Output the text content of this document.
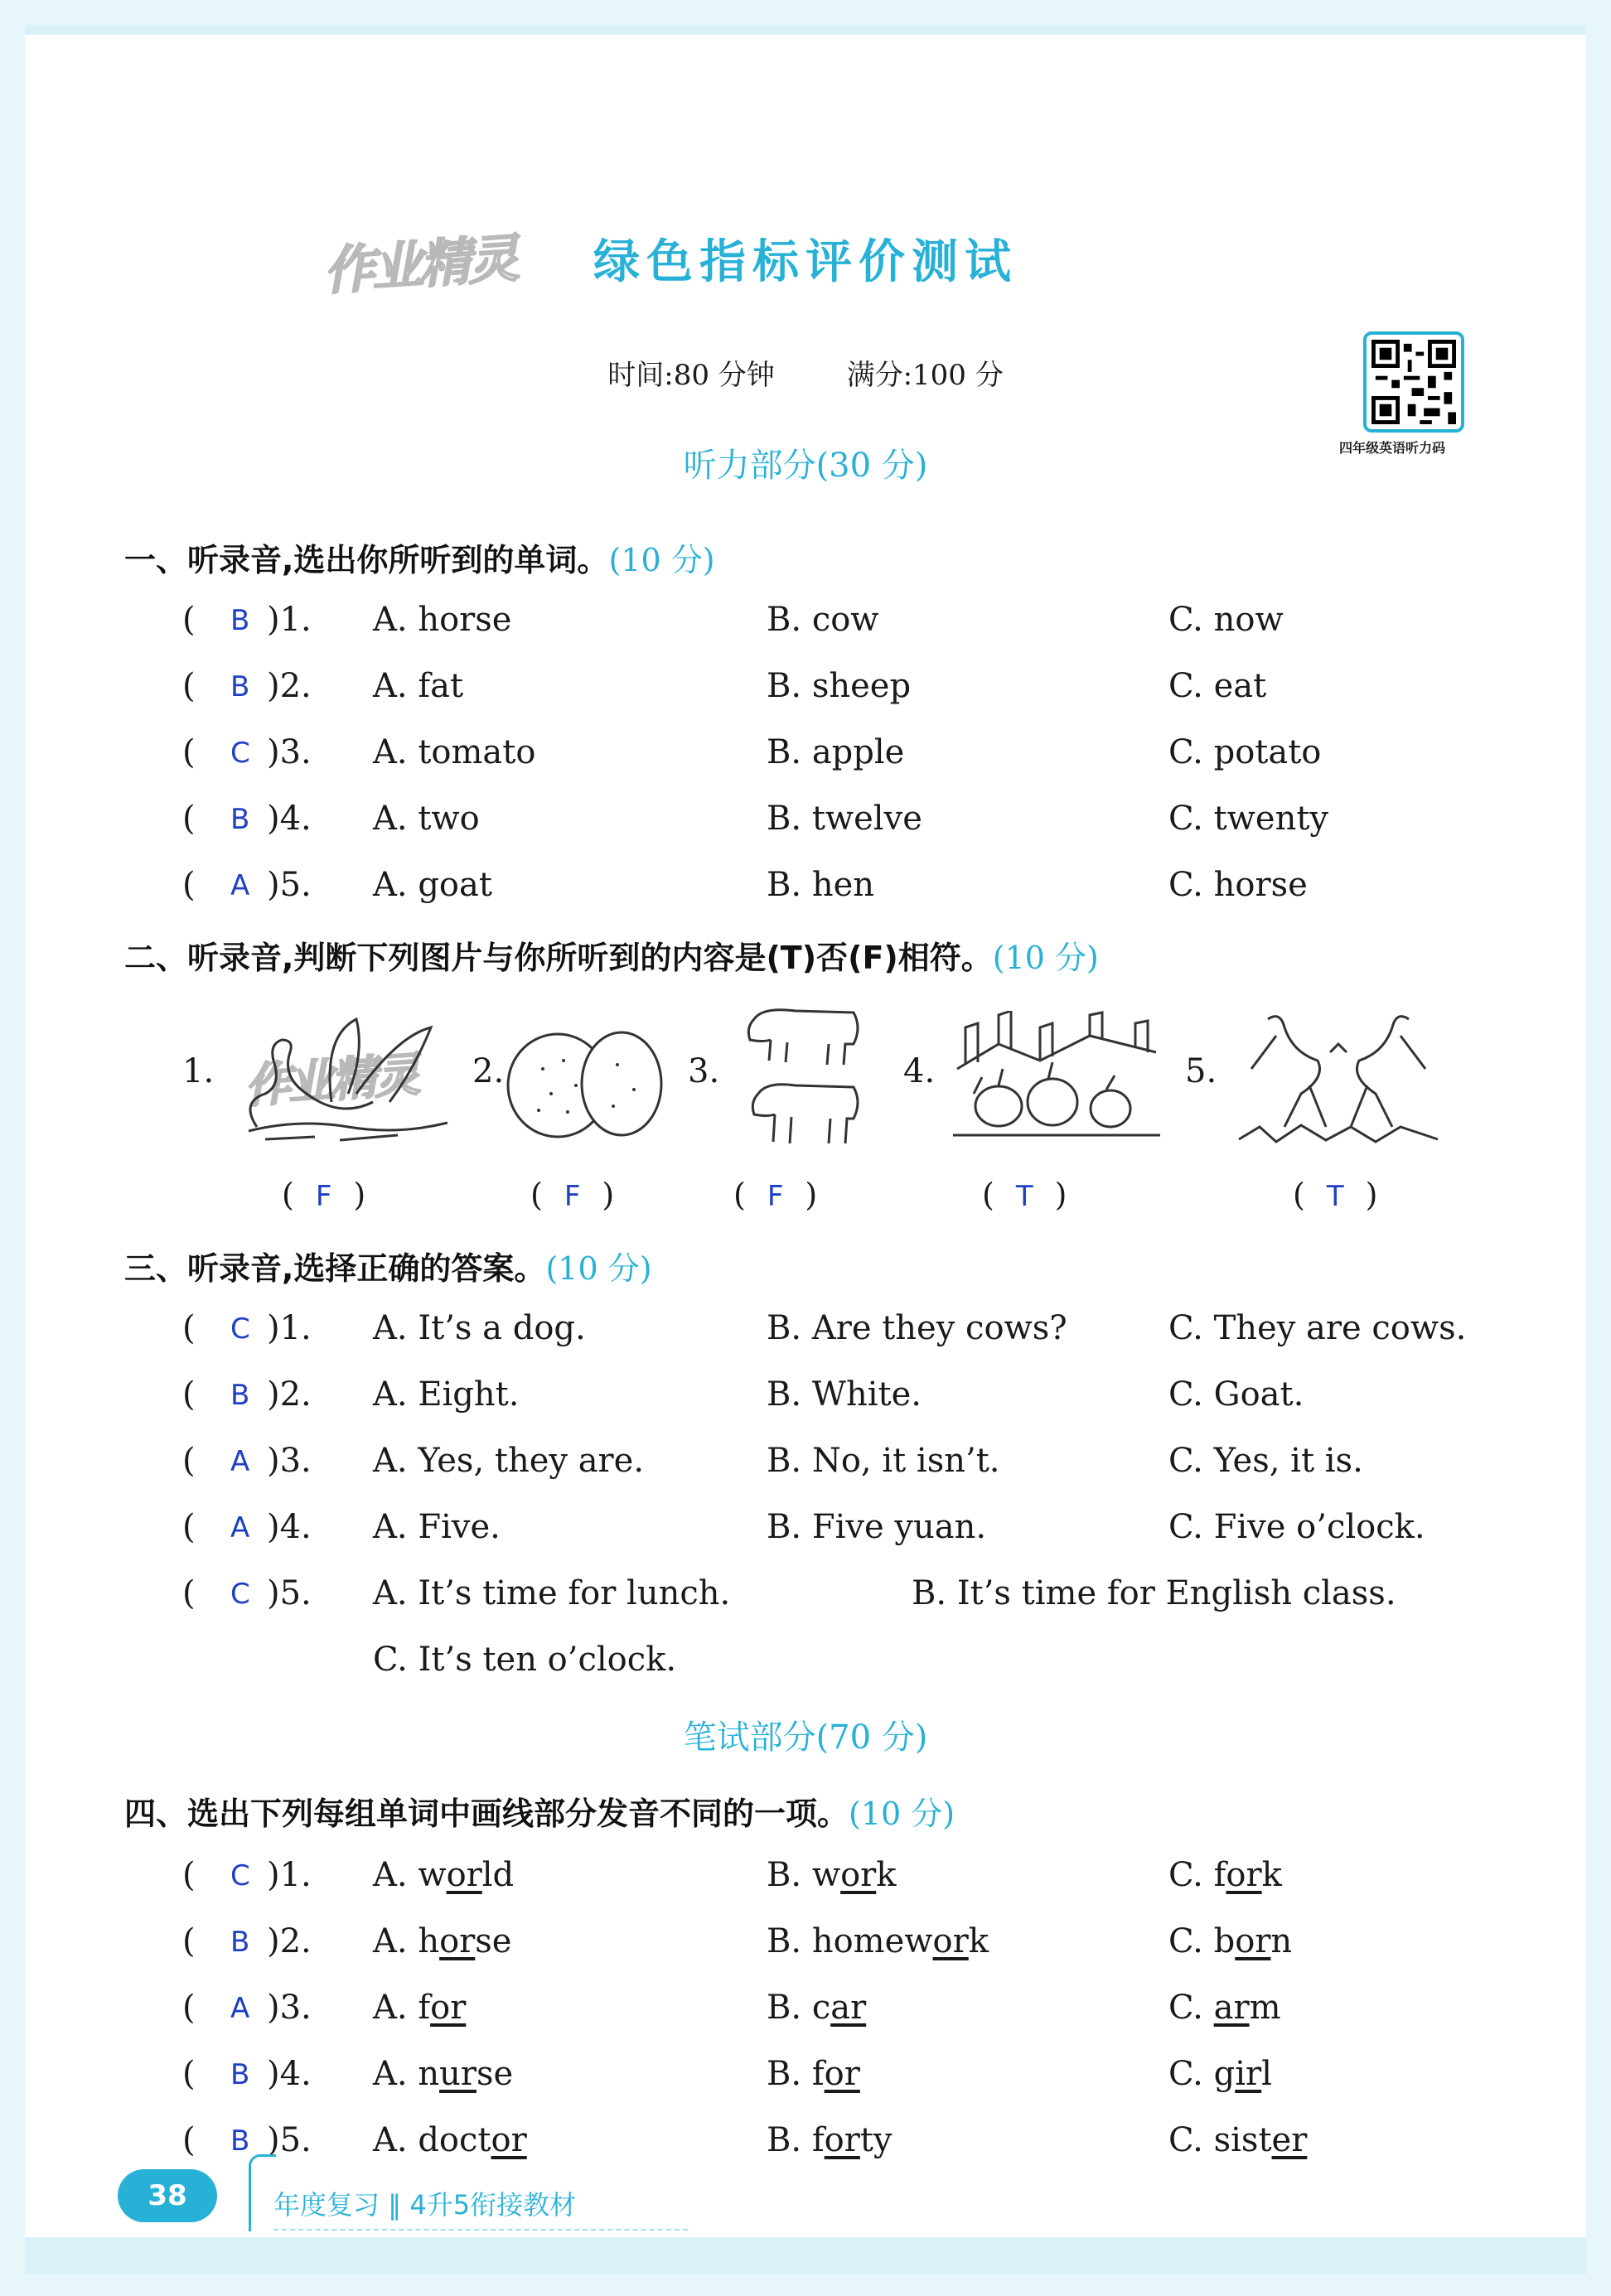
作业精灵
作业精灵
绿色指标评价测试
时间:80 分钟	满分:100 分
四年级英语听力码
听力部分(30 分)
一、听录音,选出你所听到的单词。(10 分)
( B )1. A. horse	B. cow	C. now
( B )2. A. fat	B. sheep	C. eat
( C )3. A. tomato	B. apple	C. potato
( B )4. A. two	B. twelve	C. twenty
( A )5. A. goat	B. hen	C. horse
二、听录音,判断下列图片与你所听到的内容是(T)否(F)相符。(10 分)
1.	2.	3.	4.	5.
( F )	( F )	( F )	( T )	( T )
三、听录音,选择正确的答案。(10 分)
( C )1. A. It’s a dog.	B. Are they cows?	C. They are cows.
( B )2. A. Eight.	B. White.	C. Goat.
( A )3. A. Yes, they are.	B. No, it isn’t.	C. Yes, it is.
( A )4. A. Five.	B. Five yuan.	C. Five o’clock.
( C )5. A. It’s time for lunch.	B. It’s time for English class.
C. It’s ten o’clock.
笔试部分(70 分)
四、选出下列每组单词中画线部分发音不同的一项。(10 分)
( C )1. A. world	B. work	C. fork
( B )2. A. horse	B. homework	C. born
( A )3. A. for	B. car	C. arm
( B )4. A. nurse	B. for	C. girl
( B )5. A. doctor	B. forty	C. sister
38	年度复习 ‖ 4升5衔接教材
